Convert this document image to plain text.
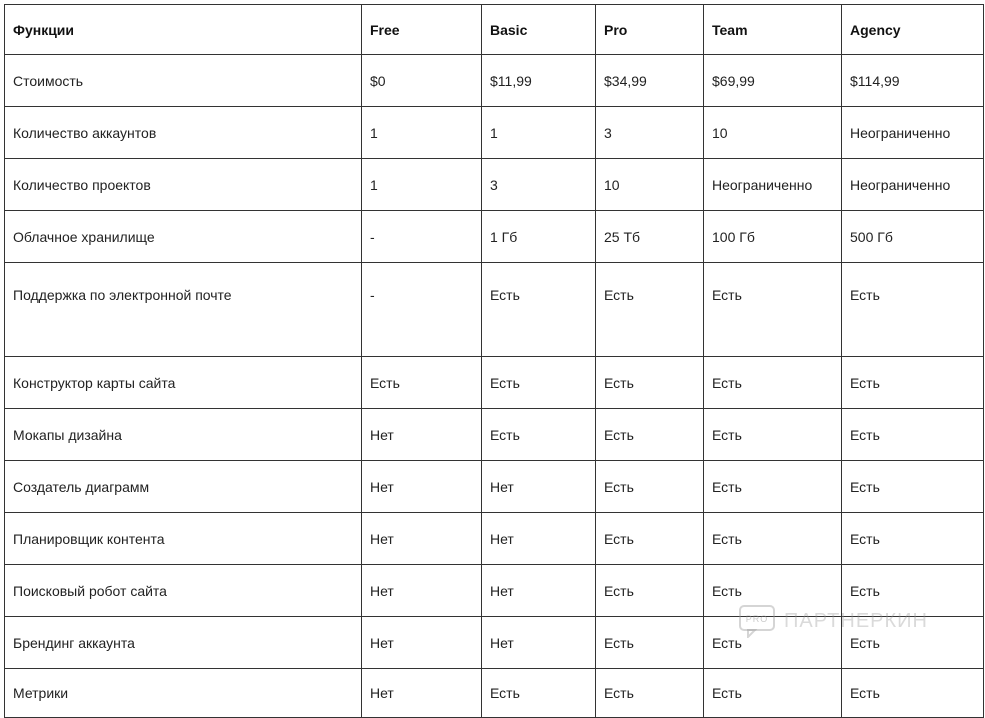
Функции	Free	Basic	Pro	Team	Agency
Стоимость	$0	$11,99	$34,99	$69,99	$114,99
Количество аккаунтов	1	1	3	10	Неограниченно
Количество проектов	1	3	10	Неограниченно	Неограниченно
Облачное хранилище	-	1 Гб	25 Тб	100 Гб	500 Гб
Поддержка по электронной почте	-	Есть	Есть	Есть	Есть
Конструктор карты сайта	Есть	Есть	Есть	Есть	Есть
Мокапы дизайна	Нет	Есть	Есть	Есть	Есть
Создатель диаграмм	Нет	Нет	Есть	Есть	Есть
Планировщик контента	Нет	Нет	Есть	Есть	Есть
Поисковый робот сайта	Нет	Нет	Есть	Есть	Есть
Брендинг аккаунта	Нет	Нет	Есть	Есть	Есть
Метрики	Нет	Есть	Есть	Есть	Есть
PRO ПАРТНЕРКИН
